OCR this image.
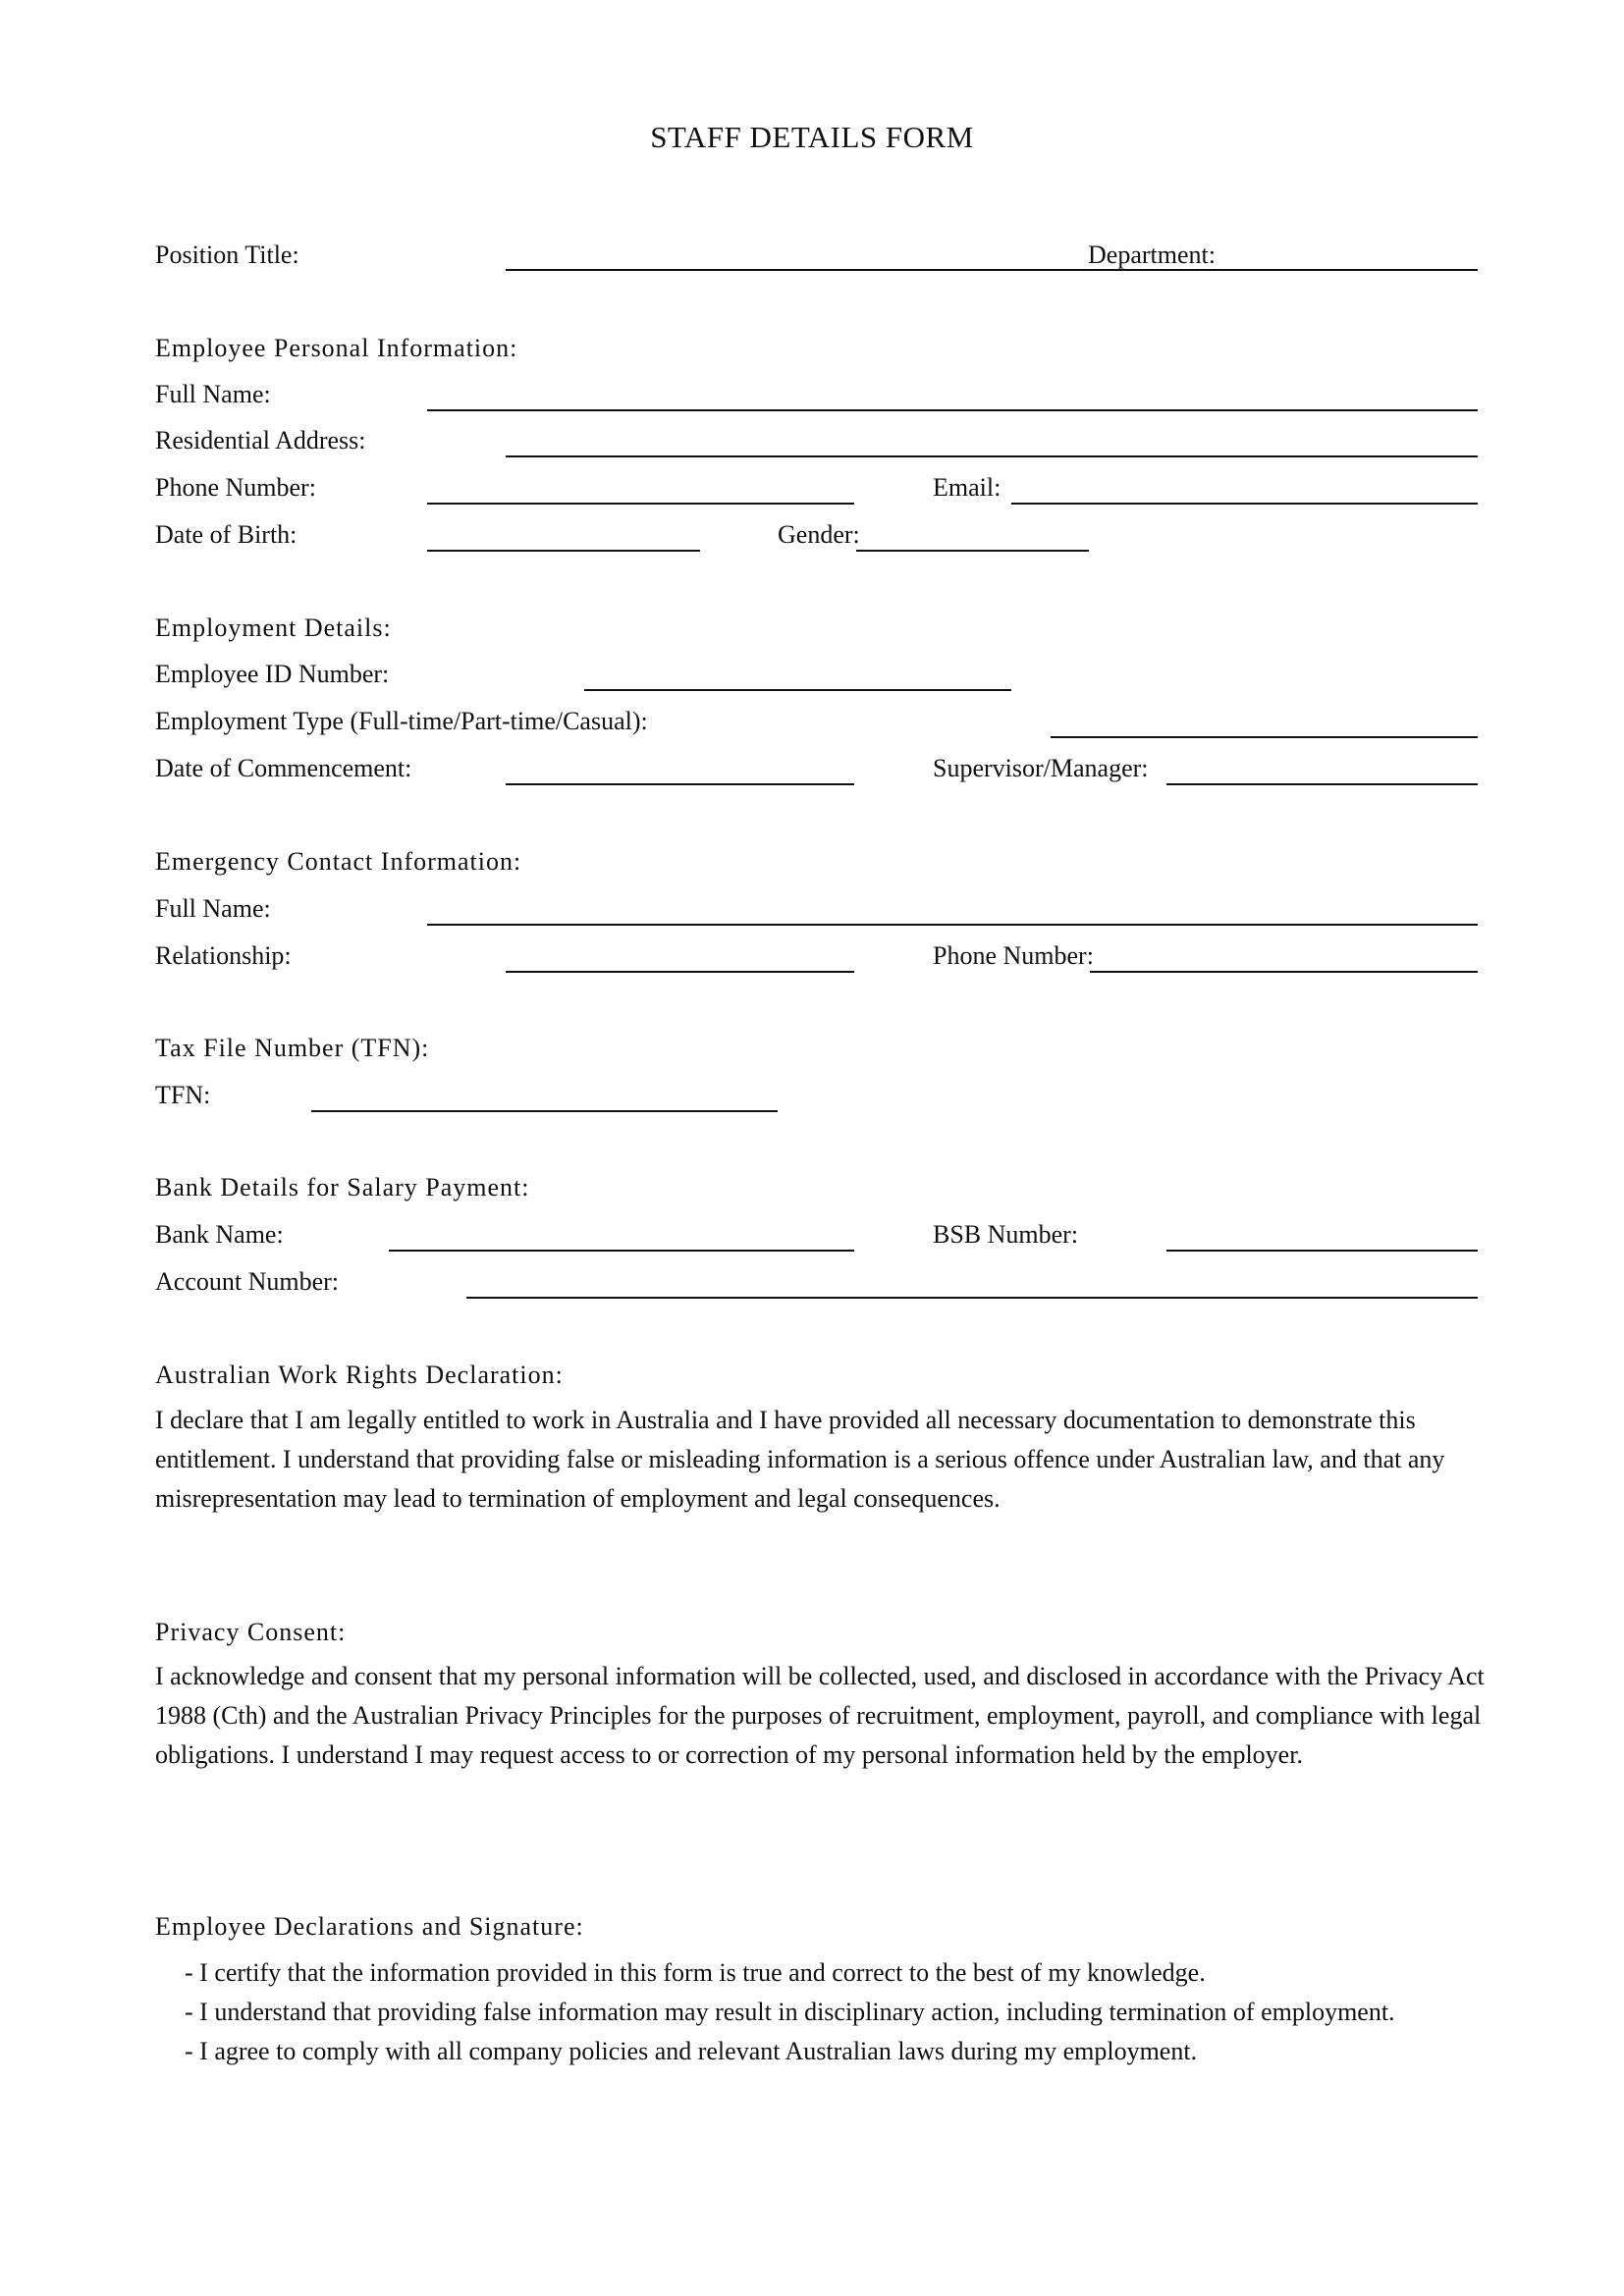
STAFF DETAILS FORM
Position Title:	Department:
Employee Personal Information:
Full Name:
Residential Address:
Phone Number:	Email:
Date of Birth:	Gender:
Employment Details:
Employee ID Number:
Employment Type (Full-time/Part-time/Casual):
Date of Commencement:	Supervisor/Manager:
Emergency Contact Information:
Full Name:
Relationship:	Phone Number:
Tax File Number (TFN):
TFN:
Bank Details for Salary Payment:
Bank Name:	BSB Number:
Account Number:
Australian Work Rights Declaration:
I declare that I am legally entitled to work in Australia and I have provided all necessary documentation to demonstrate this entitlement. I understand that providing false or misleading information is a serious offence under Australian law, and that any misrepresentation may lead to termination of employment and legal consequences.
Privacy Consent:
I acknowledge and consent that my personal information will be collected, used, and disclosed in accordance with the Privacy Act 1988 (Cth) and the Australian Privacy Principles for the purposes of recruitment, employment, payroll, and compliance with legal obligations. I understand I may request access to or correction of my personal information held by the employer.
Employee Declarations and Signature:
- I certify that the information provided in this form is true and correct to the best of my knowledge.
- I understand that providing false information may result in disciplinary action, including termination of employment.
- I agree to comply with all company policies and relevant Australian laws during my employment.
